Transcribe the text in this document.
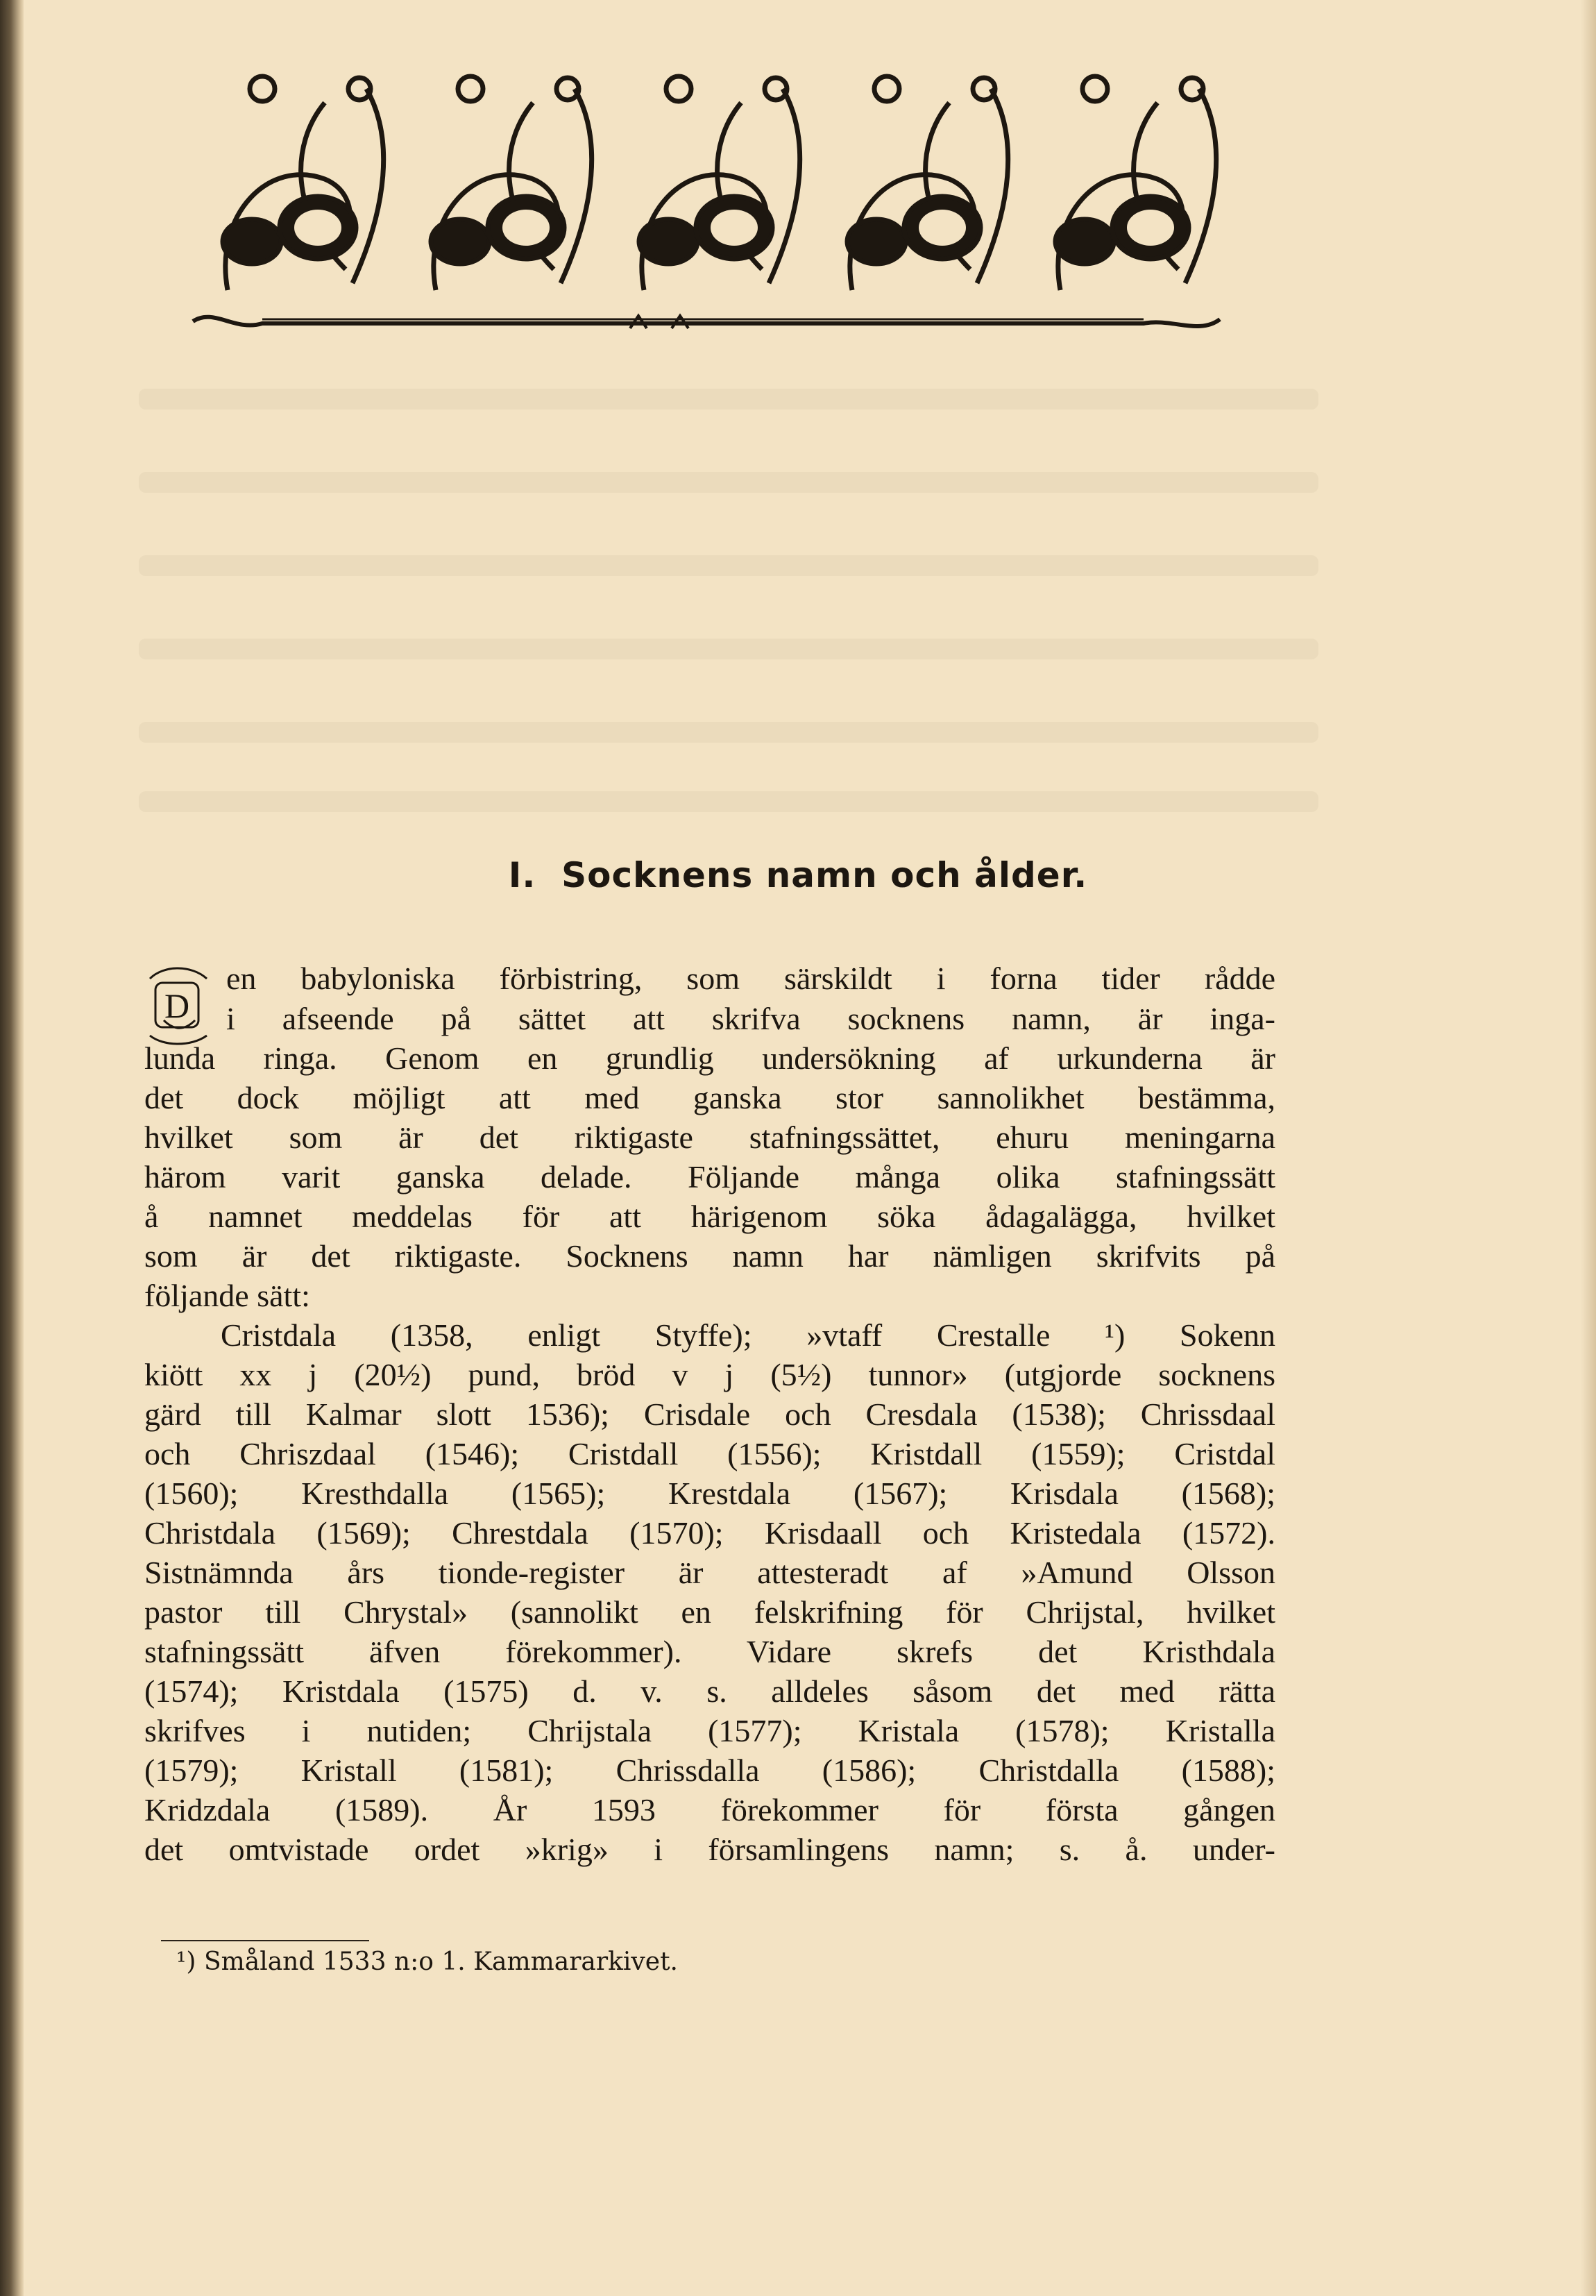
I.  Socknens namn och ålder.
D
en babyloniska förbistring, som särskildt i forna tider rådde
i afseende på sättet att skrifva socknens namn, är inga-
lunda ringa. Genom en grundlig undersökning af urkunderna är
det dock möjligt att med ganska stor sannolikhet bestämma,
hvilket som är det riktigaste stafningssättet, ehuru meningarna
härom varit ganska delade. Följande många olika stafningssätt
å namnet meddelas för att härigenom söka ådagalägga, hvilket
som är det riktigaste. Socknens namn har nämligen skrifvits på
följande sätt:
Cristdala (1358, enligt Styffe); »vtaff Crestalle ¹) Sokenn
kiött xx j (20½) pund, bröd v j (5½) tunnor» (utgjorde socknens
gärd till Kalmar slott 1536); Crisdale och Cresdala (1538); Chrissdaal
och Chriszdaal (1546); Cristdall (1556); Kristdall (1559); Cristdal
(1560); Kresthdalla (1565); Krestdala (1567); Krisdala (1568);
Christdala (1569); Chrestdala (1570); Krisdaall och Kristedala (1572).
Sistnämnda års tionde-register är attesteradt af »Amund Olsson
pastor till Chrystal» (sannolikt en felskrifning för Chrijstal, hvilket
stafningssätt äfven förekommer). Vidare skrefs det Kristhdala
(1574); Kristdala (1575) d. v. s. alldeles såsom det med rätta
skrifves i nutiden; Chrijstala (1577); Kristala (1578); Kristalla
(1579); Kristall (1581); Chrissdalla (1586); Christdalla (1588);
Kridzdala (1589). År 1593 förekommer för första gången
det omtvistade ordet »krig» i församlingens namn; s. å. under-
¹) Småland 1533 n:o 1. Kammararkivet.
